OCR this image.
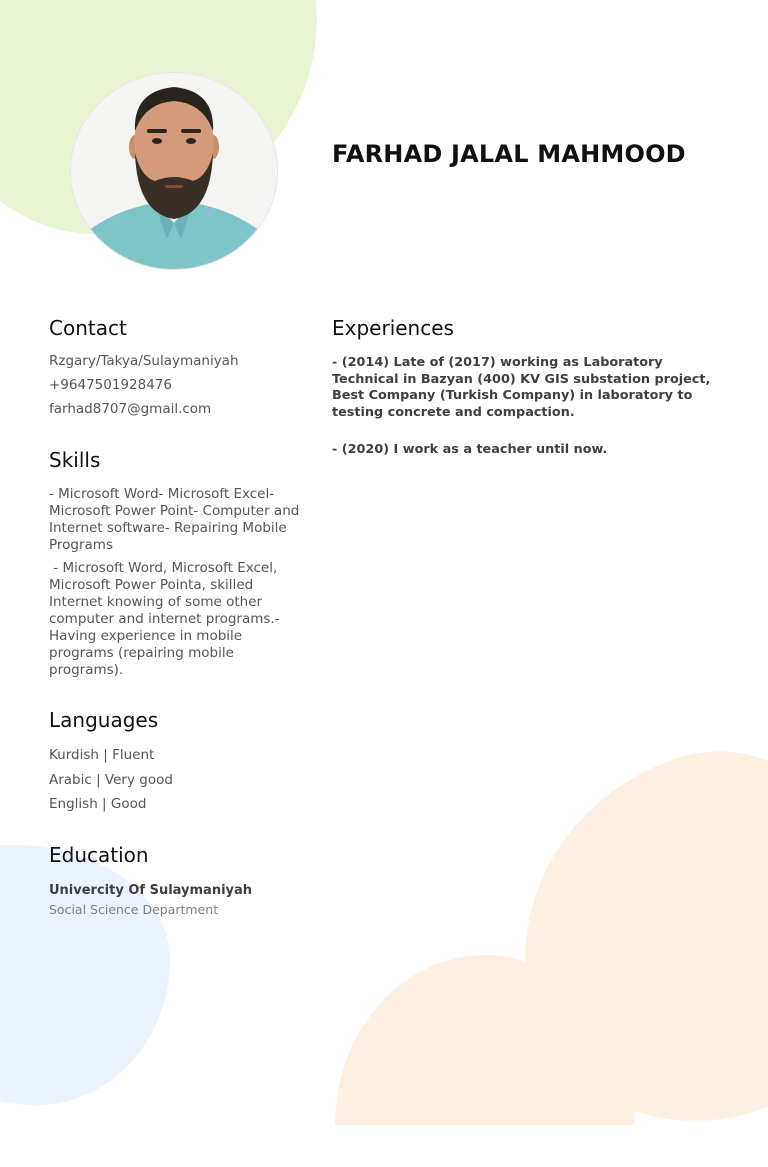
FARHAD JALAL MAHMOOD
Contact

Rzgary/Takya/Sulaymaniyah

+9647501928476

farhad8707@gmail.com

Skills

- Microsoft Word- Microsoft Excel- Microsoft Power Point- Computer and Internet software- Repairing Mobile Programs

- Microsoft Word, Microsoft Excel, Microsoft Power Pointa, skilled Internet knowing of some other computer and internet programs.- Having experience in mobile programs (repairing mobile programs).

Languages

Kurdish | Fluent

Arabic | Very good

English | Good

Education

Univercity Of Sulaymaniyah

Social Science Department

Experiences

- (2014) Late of (2017) working as Laboratory Technical in Bazyan (400) KV GIS substation project, Best Company (Turkish Company) in laboratory to testing concrete and compaction.

- (2020) I work as a teacher until now.
